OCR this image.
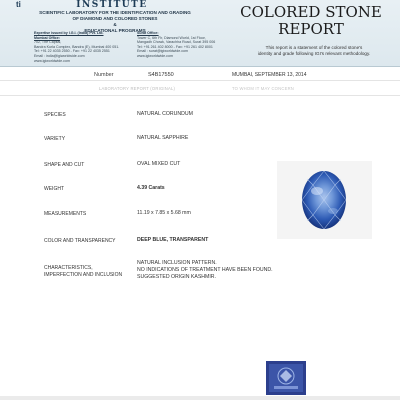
ti	INSTITUTE
SCIENTIFIC LABORATORY FOR THE IDENTIFICATION AND GRADING
OF DIAMOND AND COLORED STONES
&
EDUCATIONAL PROGRAMS
Expertise issued by I.G.I. (India) Pvt. Ltd.
Mumbai Office:
702, The Capital,
Bandra Kurla Complex, Bandra (E), Mumbai 400 051.
Tel: +91 22 4035 2550 - Fax: +91 22 4035 2551
Email : india@igiworldwide.com
www.igiworldwide.com
Surat Office:
Tower C, 6th Flr, Diamond World, 1st Floor,
Mangadh Chowk, Varachha Road, Surat 395 006
Tel: +91 261 402 8000 - Fax: +91 261 402 8001
Email : surat@igiworldwide.com
www.igiworldwide.com
COLORED STONE
REPORT
This report is a statement of the colored stone's
identity and grade following IGI's relevant methodology.
Number	S4B17550	MUMBAI, SEPTEMBER 13, 2014
LABORATORY REPORT (ORIGINAL)	TO WHOM IT MAY CONCERN
SPECIES	NATURAL CORUNDUM
VARIETY	NATURAL SAPPHIRE
SHAPE AND CUT	OVAL MIXED CUT
WEIGHT	4.39 Carats
MEASUREMENTS	11.19 x 7.85 x 5.68 mm
COLOR AND TRANSPARENCY	DEEP BLUE, TRANSPARENT
CHARACTERISTICS,
IMPERFECTION AND INCLUSION
NATURAL INCLUSION PATTERN.
NO INDICATIONS OF TREATMENT HAVE BEEN FOUND.
SUGGESTED ORIGIN KASHMIR.
